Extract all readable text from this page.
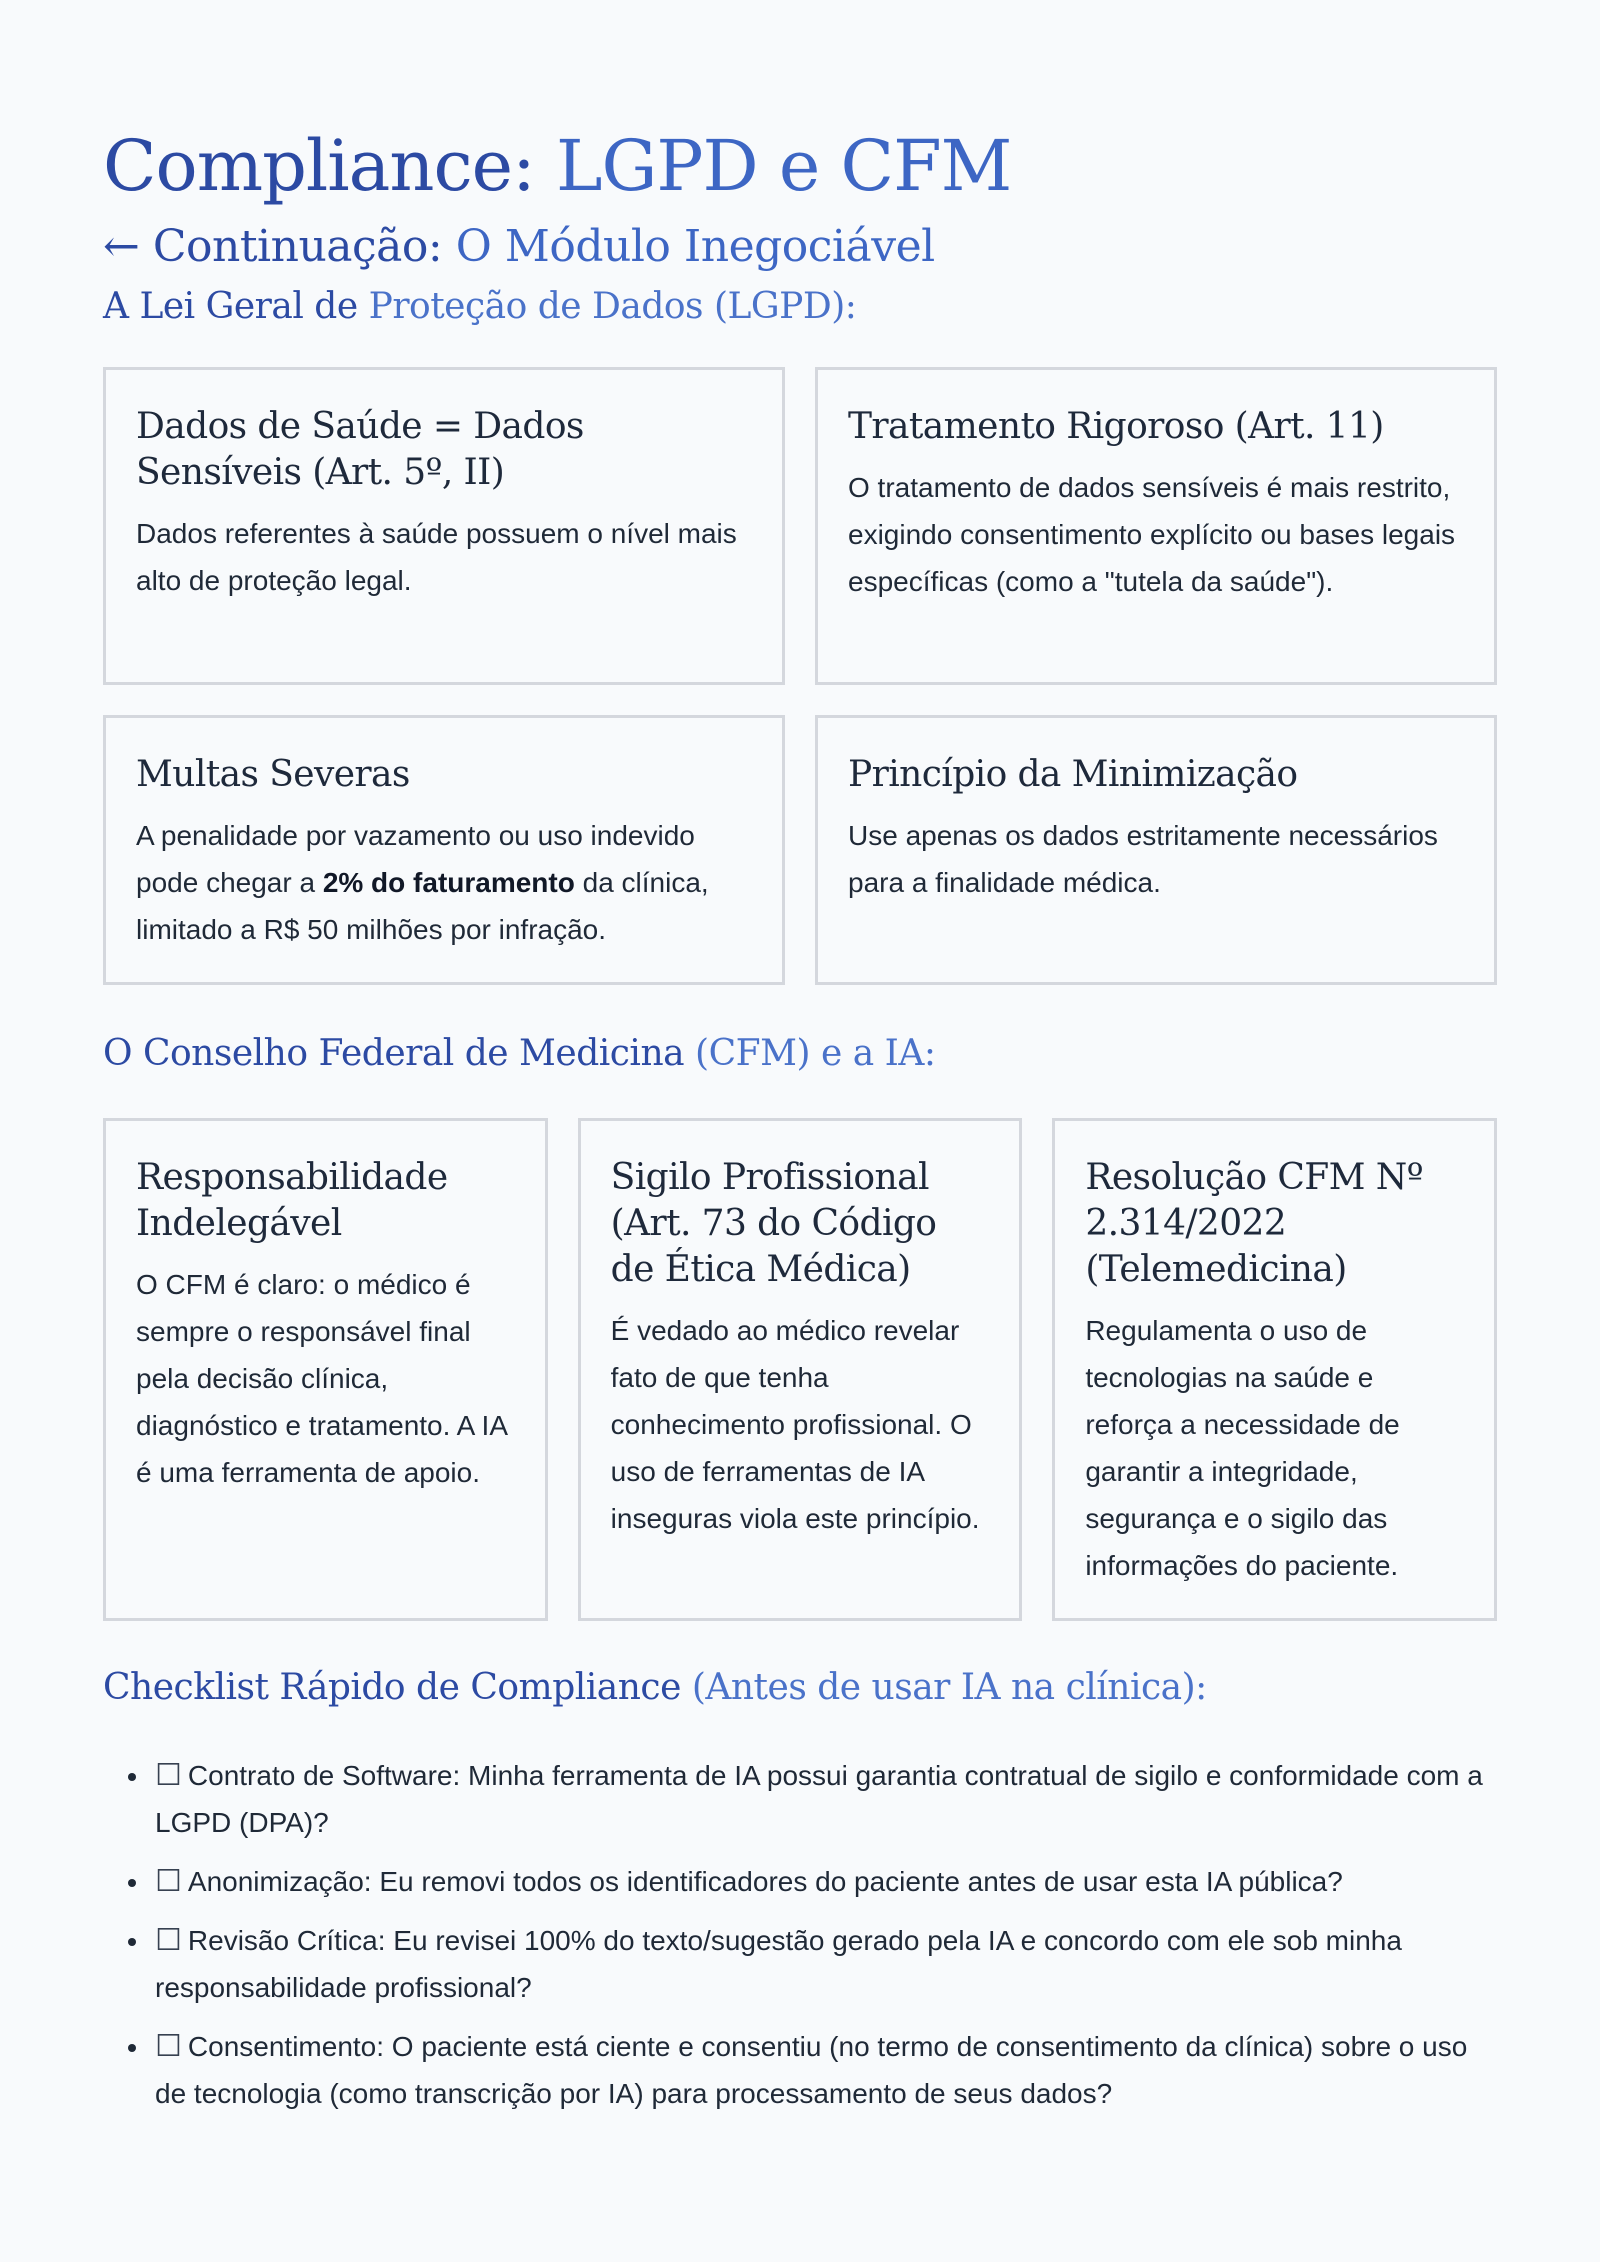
Compliance: LGPD e CFM
← Continuação: O Módulo Inegociável
A Lei Geral de Proteção de Dados (LGPD):
Dados de Saúde = Dados Sensíveis (Art. 5º, II)
Dados referentes à saúde possuem o nível mais alto de proteção legal.
Tratamento Rigoroso (Art. 11)
O tratamento de dados sensíveis é mais restrito, exigindo consentimento explícito ou bases legais específicas (como a "tutela da saúde").
Multas Severas
A penalidade por vazamento ou uso indevido pode chegar a 2% do faturamento da clínica, limitado a R$ 50 milhões por infração.
Princípio da Minimização
Use apenas os dados estritamente necessários para a finalidade médica.
O Conselho Federal de Medicina (CFM) e a IA:
Responsabilidade Indelegável
O CFM é claro: o médico é sempre o responsável final pela decisão clínica, diagnóstico e tratamento. A IA é uma ferramenta de apoio.
Sigilo Profissional (Art. 73 do Código de Ética Médica)
É vedado ao médico revelar fato de que tenha conhecimento profissional. O uso de ferramentas de IA inseguras viola este princípio.
Resolução CFM Nº 2.314/2022 (Telemedicina)
Regulamenta o uso de tecnologias na saúde e reforça a necessidade de garantir a integridade, segurança e o sigilo das informações do paciente.
Checklist Rápido de Compliance (Antes de usar IA na clínica):
• ☐ Contrato de Software: Minha ferramenta de IA possui garantia contratual de sigilo e conformidade com a LGPD (DPA)?
• ☐ Anonimização: Eu removi todos os identificadores do paciente antes de usar esta IA pública?
• ☐ Revisão Crítica: Eu revisei 100% do texto/sugestão gerado pela IA e concordo com ele sob minha responsabilidade profissional?
• ☐ Consentimento: O paciente está ciente e consentiu (no termo de consentimento da clínica) sobre o uso de tecnologia (como transcrição por IA) para processamento de seus dados?
